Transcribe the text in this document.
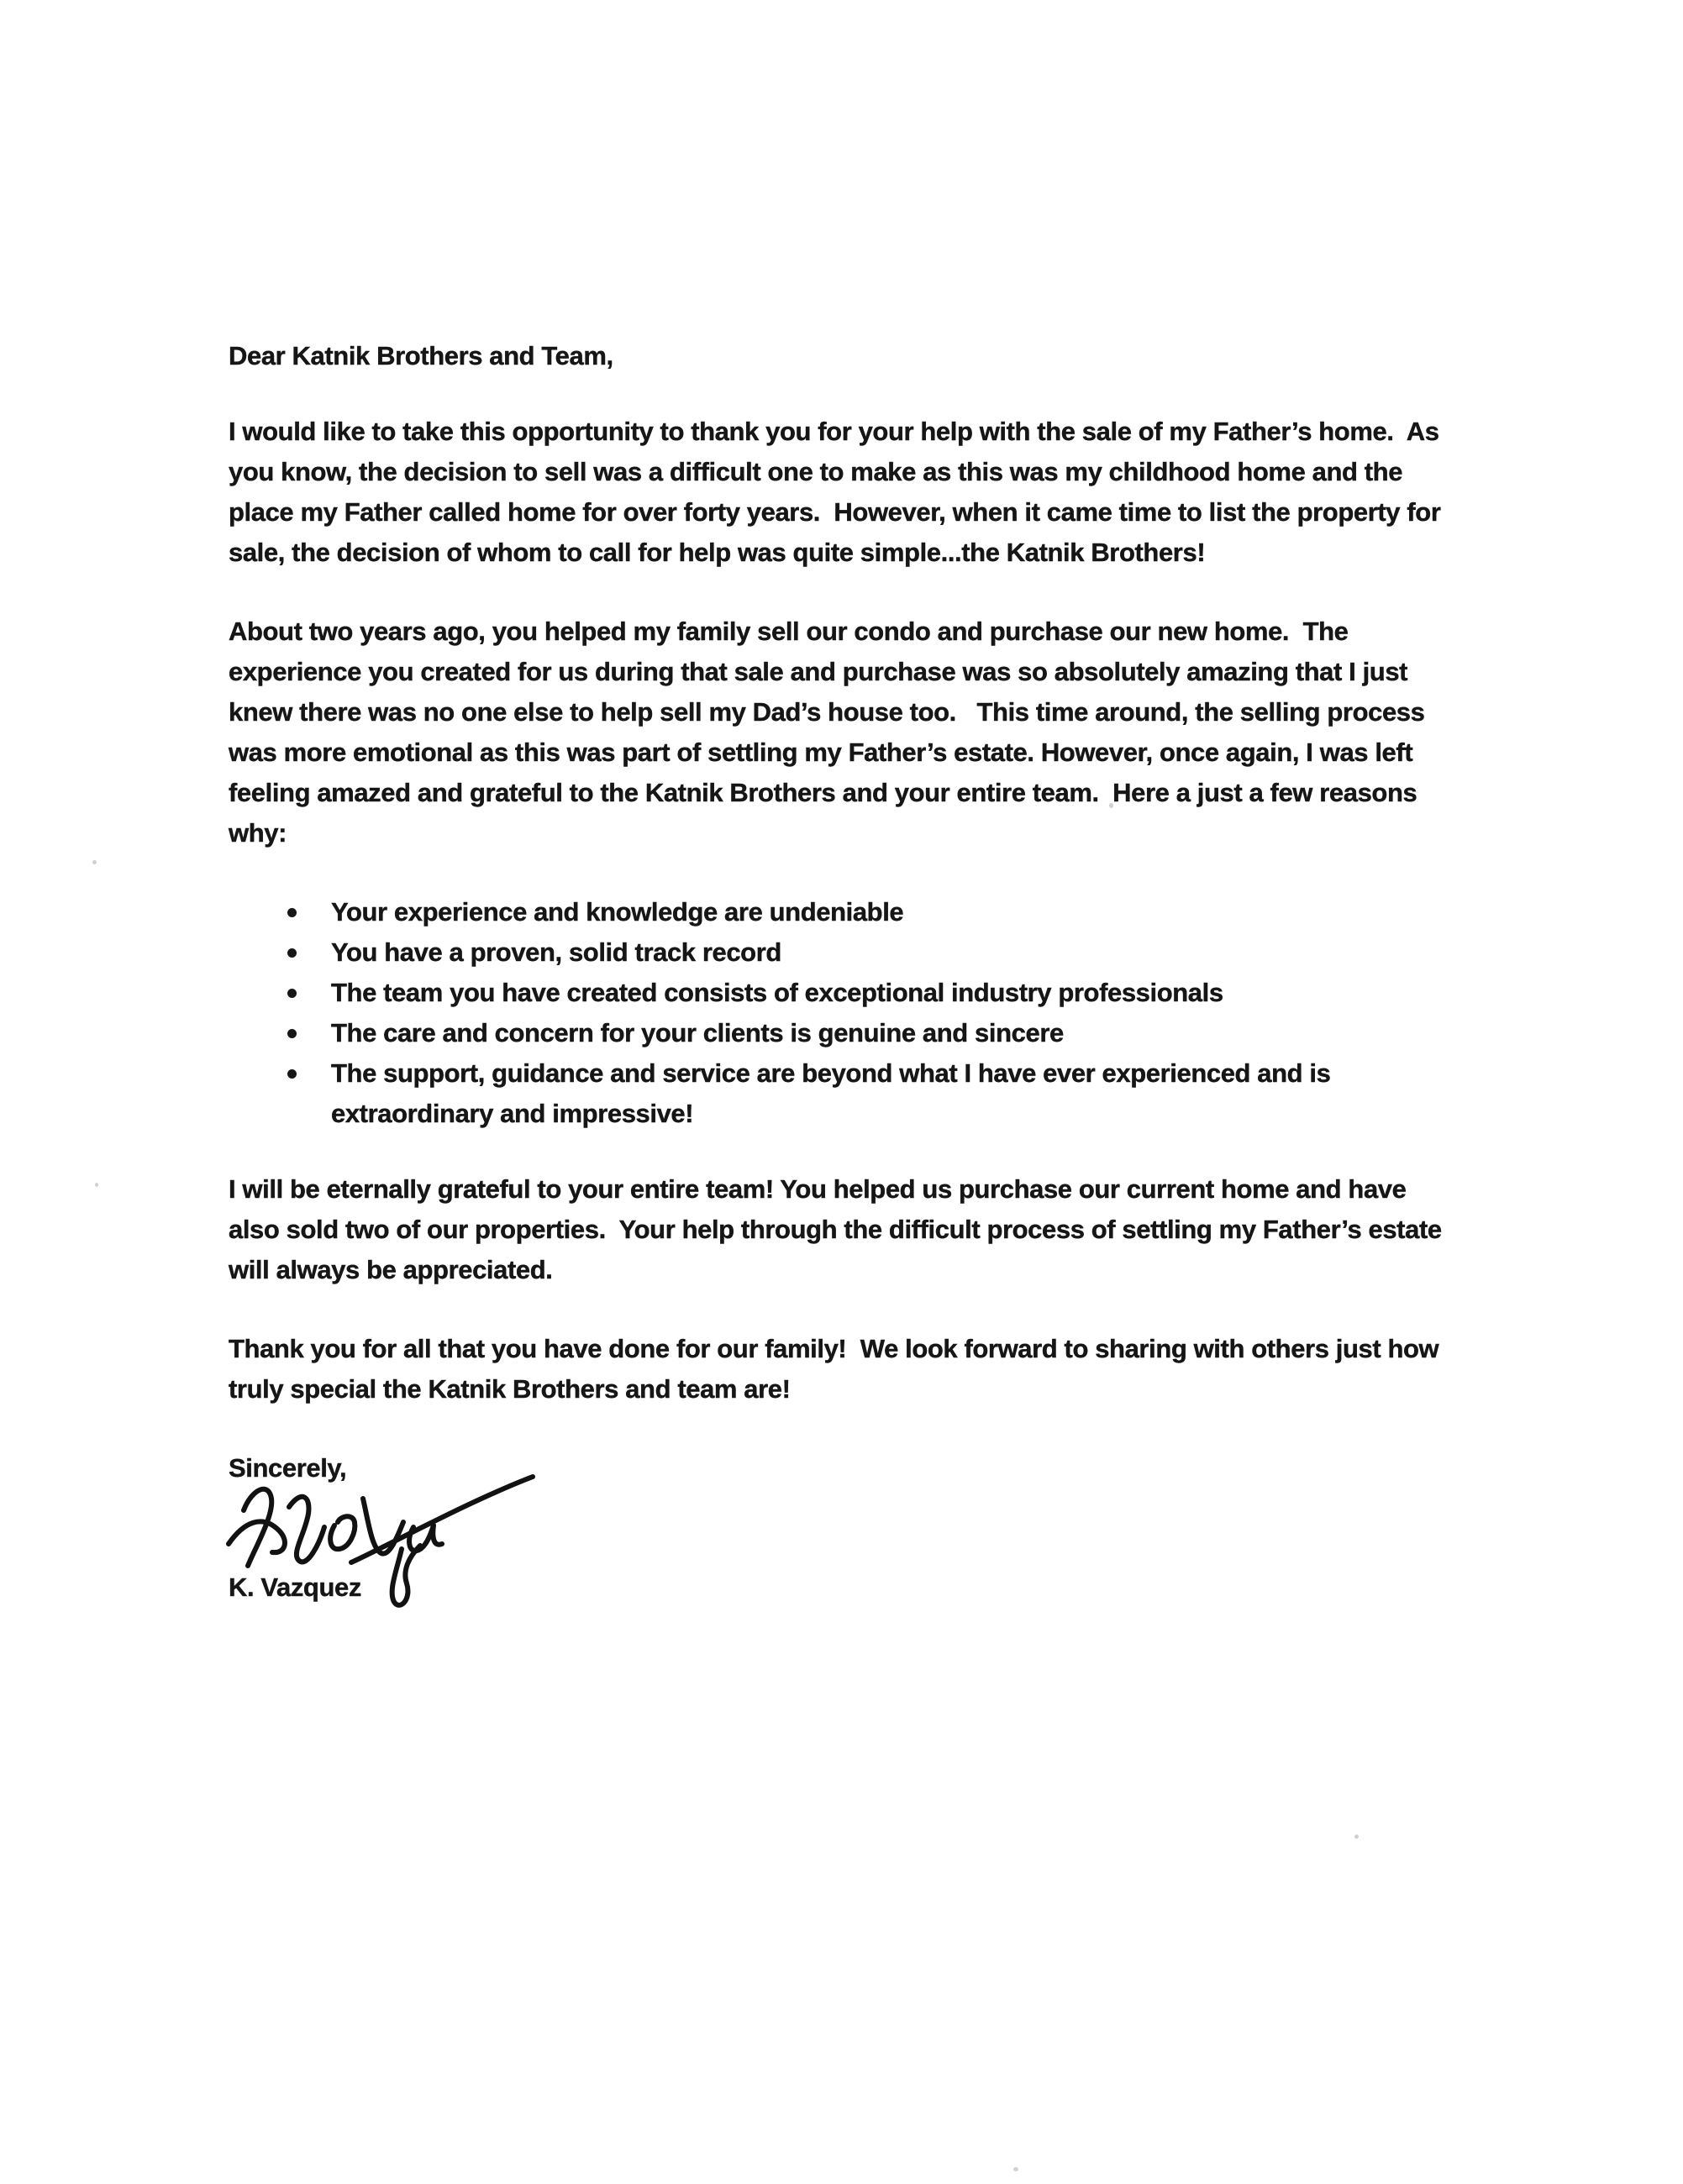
Dear Katnik Brothers and Team,

I would like to take this opportunity to thank you for your help with the sale of my Father’s home.  As you know, the decision to sell was a difficult one to make as this was my childhood home and the place my Father called home for over forty years.  However, when it came time to list the property for sale, the decision of whom to call for help was quite simple...the Katnik Brothers!

About two years ago, you helped my family sell our condo and purchase our new home.  The experience you created for us during that sale and purchase was so absolutely amazing that I just knew there was no one else to help sell my Dad’s house too.   This time around, the selling process was more emotional as this was part of settling my Father’s estate. However, once again, I was left feeling amazed and grateful to the Katnik Brothers and your entire team.  Here a just a few reasons why:

Your experience and knowledge are undeniable
You have a proven, solid track record
The team you have created consists of exceptional industry professionals
The care and concern for your clients is genuine and sincere
The support, guidance and service are beyond what I have ever experienced and is extraordinary and impressive!

I will be eternally grateful to your entire team! You helped us purchase our current home and have also sold two of our properties.  Your help through the difficult process of settling my Father’s estate will always be appreciated.

Thank you for all that you have done for our family!  We look forward to sharing with others just how truly special the Katnik Brothers and team are!

Sincerely,

K. Vazquez
